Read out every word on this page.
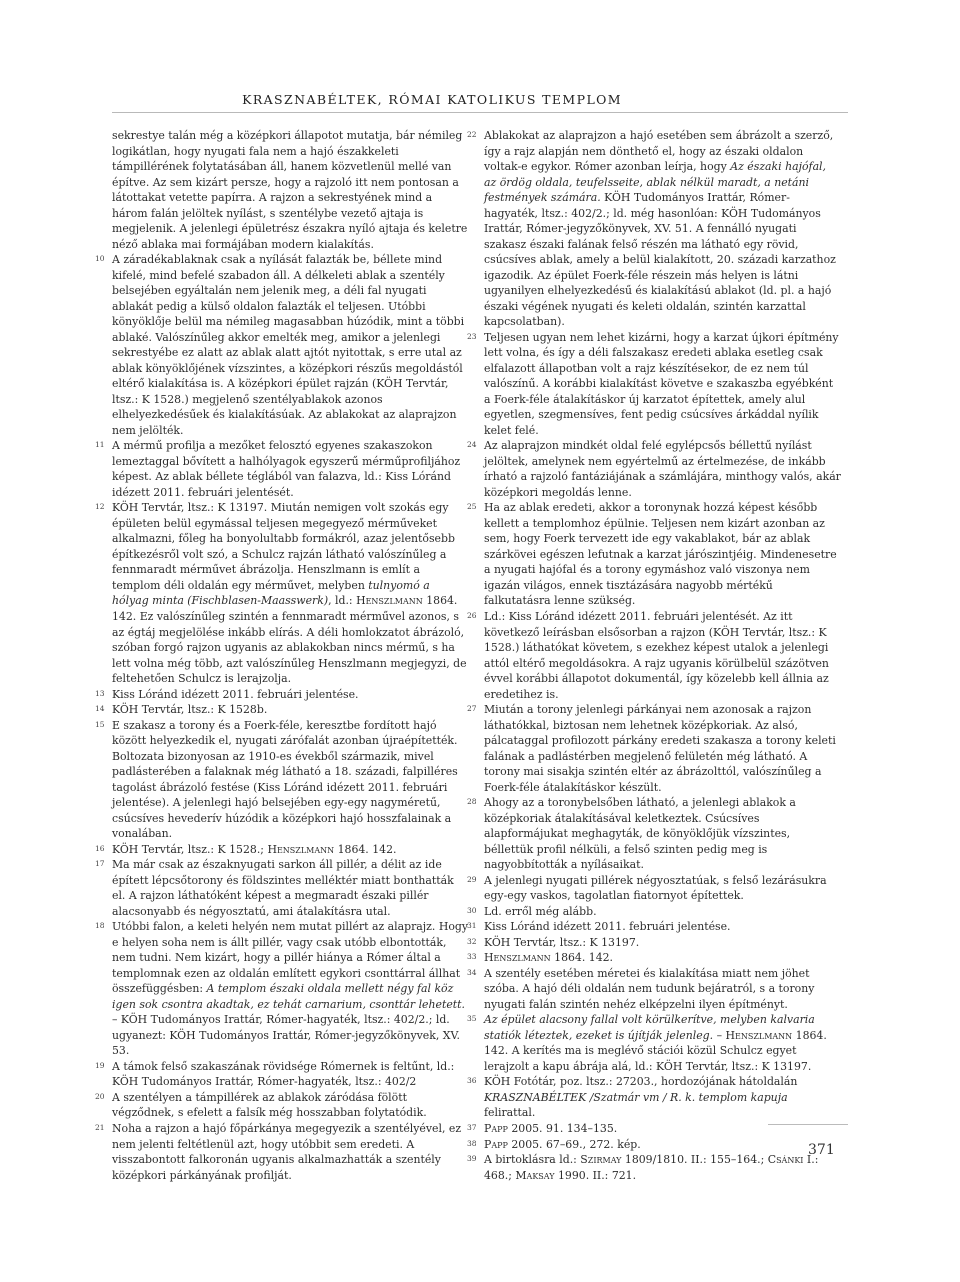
KRASZNABÉLTEK, RÓMAI KATOLIKUS TEMPLOM

sekrestye talán még a középkori állapotot mutatja, bár némileg logikátlan, hogy nyugati fala nem a hajó északkeleti támpillérének folytatásában áll, hanem közvetlenül mellé van építve. Az sem kizárt persze, hogy a rajzoló itt nem pontosan a látottakat vetette papírra. A rajzon a sekrestyének mind a három falán jelöltek nyílást, s szentélybe vezető ajtaja is megjelenik. A jelenlegi épületrész északra nyíló ajtaja és keletre néző ablaka mai formájában modern kialakítás.

10 A záradékablaknak csak a nyílását falazták be, béllete mind kifelé, mind befelé szabadon áll. A délkeleti ablak a szentély belsejében egyáltalán nem jelenik meg, a déli fal nyugati ablakát pedig a külső oldalon falazták el teljesen. Utóbbi könyöklője belül ma némileg magasabban húzódik, mint a többi ablaké. Valószínűleg akkor emelték meg, amikor a jelenlegi sekrestyébe ez alatt az ablak alatt ajtót nyitottak, s erre utal az ablak könyöklőjének vízszintes, a középkori részűs megoldástól eltérő kialakítása is. A középkori épület rajzán (KÖH Tervtár, ltsz.: K 1528.) megjelenő szentélyablakok azonos elhelyezkedésűek és kialakításúak. Az ablakokat az alaprajzon nem jelölték.

11 A mérmű profilja a mezőket felosztó egyenes szakaszokon lemeztaggal bővített a halhólyagok egyszerű mérműprofiljához képest. Az ablak béllete téglából van falazva, ld.: Kiss Lóránd idézett 2011. februári jelentését.

12 KÖH Tervtár, ltsz.: K 13197. Miután nemigen volt szokás egy épületen belül egymással teljesen megegyező mérműveket alkalmazni, főleg ha bonyolultabb formákról, azaz jelentősebb építkezésről volt szó, a Schulcz rajzán látható valószínűleg a fennmaradt mérművet ábrázolja. Henszlmann is említ a templom déli oldalán egy mérművet, melyben tulnyomó a hólyag minta (Fischblasen-Maasswerk), ld.: Henszlmann 1864. 142. Ez valószínűleg szintén a fennmaradt mérművel azonos, s az égtáj megjelölése inkább elírás. A déli homlokzatot ábrázoló, szóban forgó rajzon ugyanis az ablakokban nincs mérmű, s ha lett volna még több, azt valószínűleg Henszlmann megjegyzi, de feltehetően Schulcz is lerajzolja.

13 Kiss Lóránd idézett 2011. februári jelentése.

14 KÖH Tervtár, ltsz.: K 1528b.

15 E szakasz a torony és a Foerk-féle, keresztbe fordított hajó között helyezkedik el, nyugati zárófalát azonban újraépítették. Boltozata bizonyosan az 1910-es évekből származik, mivel padlásterében a falaknak még látható a 18. századi, falpilléres tagolást ábrázoló festése (Kiss Lóránd idézett 2011. februári jelentése). A jelenlegi hajó belsejében egy-egy nagyméretű, csúcsíves hevederív húzódik a középkori hajó hosszfalainak a vonalában.

16 KÖH Tervtár, ltsz.: K 1528.; Henszlmann 1864. 142.

17 Ma már csak az északnyugati sarkon áll pillér, a délit az ide épített lépcsőtorony és földszintes melléktér miatt bonthatták el. A rajzon láthatóként képest a megmaradt északi pillér alacsonyabb és négyosztatú, ami átalakításra utal.

18 Utóbbi falon, a keleti helyén nem mutat pillért az alaprajz. Hogy e helyen soha nem is állt pillér, vagy csak utóbb elbontották, nem tudni. Nem kizárt, hogy a pillér hiánya a Rómer által a templomnak ezen az oldalán említett egykori csonttárral állhat összefüggésben: A templom északi oldala mellett négy fal köz igen sok csontra akadtak, ez tehát carnarium, csonttár lehetett. – KÖH Tudományos Irattár, Rómer-hagyaték, ltsz.: 402/2.; ld. ugyanezt: KÖH Tudományos Irattár, Rómer-jegyzőkönyvek, XV. 53.

19 A támok felső szakaszának rövidsége Rómernek is feltűnt, ld.: KÖH Tudományos Irattár, Rómer-hagyaték, ltsz.: 402/2

20 A szentélyen a támpillérek az ablakok záródása fölött végződnek, s efelett a falsík még hosszabban folytatódik.

21 Noha a rajzon a hajó főpárkánya megegyezik a szentélyével, ez nem jelenti feltétlenül azt, hogy utóbbit sem eredeti. A visszabontott falkoronán ugyanis alkalmazhatták a szentély középkori párkányának profilját.

22 Ablakokat az alaprajzon a hajó esetében sem ábrázolt a szerző, így a rajz alapján nem dönthető el, hogy az északi oldalon voltak-e egykor. Rómer azonban leírja, hogy Az északi hajófal, az ördög oldala, teufelsseite, ablak nélkül maradt, a netáni festmények számára. KÖH Tudományos Irattár, Rómer-hagyaték, ltsz.: 402/2.; ld. még hasonlóan: KÖH Tudományos Irattár, Rómer-jegyzőkönyvek, XV. 51. A fennálló nyugati szakasz északi falának felső részén ma látható egy rövid, csúcsíves ablak, amely a belül kialakított, 20. századi karzathoz igazodik. Az épület Foerk-féle részein más helyen is látni ugyanilyen elhelyezkedésű és kialakítású ablakot (ld. pl. a hajó északi végének nyugati és keleti oldalán, szintén karzattal kapcsolatban).

23 Teljesen ugyan nem lehet kizárni, hogy a karzat újkori építmény lett volna, és így a déli falszakasz eredeti ablaka esetleg csak elfalazott állapotban volt a rajz készítésekor, de ez nem túl valószínű. A korábbi kialakítást követve e szakaszba egyébként a Foerk-féle átalakításkor új karzatot építettek, amely alul egyetlen, szegmensíves, fent pedig csúcsíves árkáddal nyílik kelet felé.

24 Az alaprajzon mindkét oldal felé egylépcsős béllettű nyílást jelöltek, amelynek nem egyértelmű az értelmezése, de inkább írható a rajzoló fantáziájának a számlájára, minthogy valós, akár középkori megoldás lenne.

25 Ha az ablak eredeti, akkor a toronynak hozzá képest később kellett a templomhoz épülnie. Teljesen nem kizárt azonban az sem, hogy Foerk tervezett ide egy vakablakot, bár az ablak szárkövei egészen lefutnak a karzat járószintjéig. Mindenesetre a nyugati hajófal és a torony egymáshoz való viszonya nem igazán világos, ennek tisztázására nagyobb mértékű falkutatásra lenne szükség.

26 Ld.: Kiss Lóránd idézett 2011. februári jelentését. Az itt következő leírásban elsősorban a rajzon (KÖH Tervtár, ltsz.: K 1528.) láthatókat követem, s ezekhez képest utalok a jelenlegi attól eltérő megoldásokra. A rajz ugyanis körülbelül százötven évvel korábbi állapotot dokumentál, így közelebb kell állnia az eredetihez is.

27 Miután a torony jelenlegi párkányai nem azonosak a rajzon láthatókkal, biztosan nem lehetnek középkoriak. Az alsó, pálcataggal profilozott párkány eredeti szakasza a torony keleti falának a padlástérben megjelenő felületén még látható. A torony mai sisakja szintén eltér az ábrázolttól, valószínűleg a Foerk-féle átalakításkor készült.

28 Ahogy az a toronybelsőben látható, a jelenlegi ablakok a középkoriak átalakításával keletkeztek. Csúcsíves alapformájukat meghagyták, de könyöklőjük vízszintes, béllettük profil nélküli, a felső szinten pedig meg is nagyobbították a nyílásaikat.

29 A jelenlegi nyugati pillérek négyosztatúak, s felső lezárásukra egy-egy vaskos, tagolatlan fiatornyot építettek.

30 Ld. erről még alább.

31 Kiss Lóránd idézett 2011. februári jelentése.

32 KÖH Tervtár, ltsz.: K 13197.

33 Henszlmann 1864. 142.

34 A szentély esetében méretei és kialakítása miatt nem jöhet szóba. A hajó déli oldalán nem tudunk bejáratról, s a torony nyugati falán szintén nehéz elképzelni ilyen építményt.

35 Az épület alacsony fallal volt körülkerítve, melyben kalvaria statiók léteztek, ezeket is újítják jelenleg. – Henszlmann 1864. 142. A kerítés ma is meglévő stációi közül Schulcz egyet lerajzolt a kapu ábrája alá, ld.: KÖH Tervtár, ltsz.: K 13197.

36 KÖH Fotótár, poz. ltsz.: 27203., hordozójának hátoldalán KRASZNABÉLTEK /Szatmár vm / R. k. templom kapuja felirattal.

37 Papp 2005. 91. 134–135.

38 Papp 2005. 67–69., 272. kép.

39 A birtoklásra ld.: Szirmay 1809/1810. II.: 155–164.; Csánki I.: 468.; Maksay 1990. II.: 721.

371
